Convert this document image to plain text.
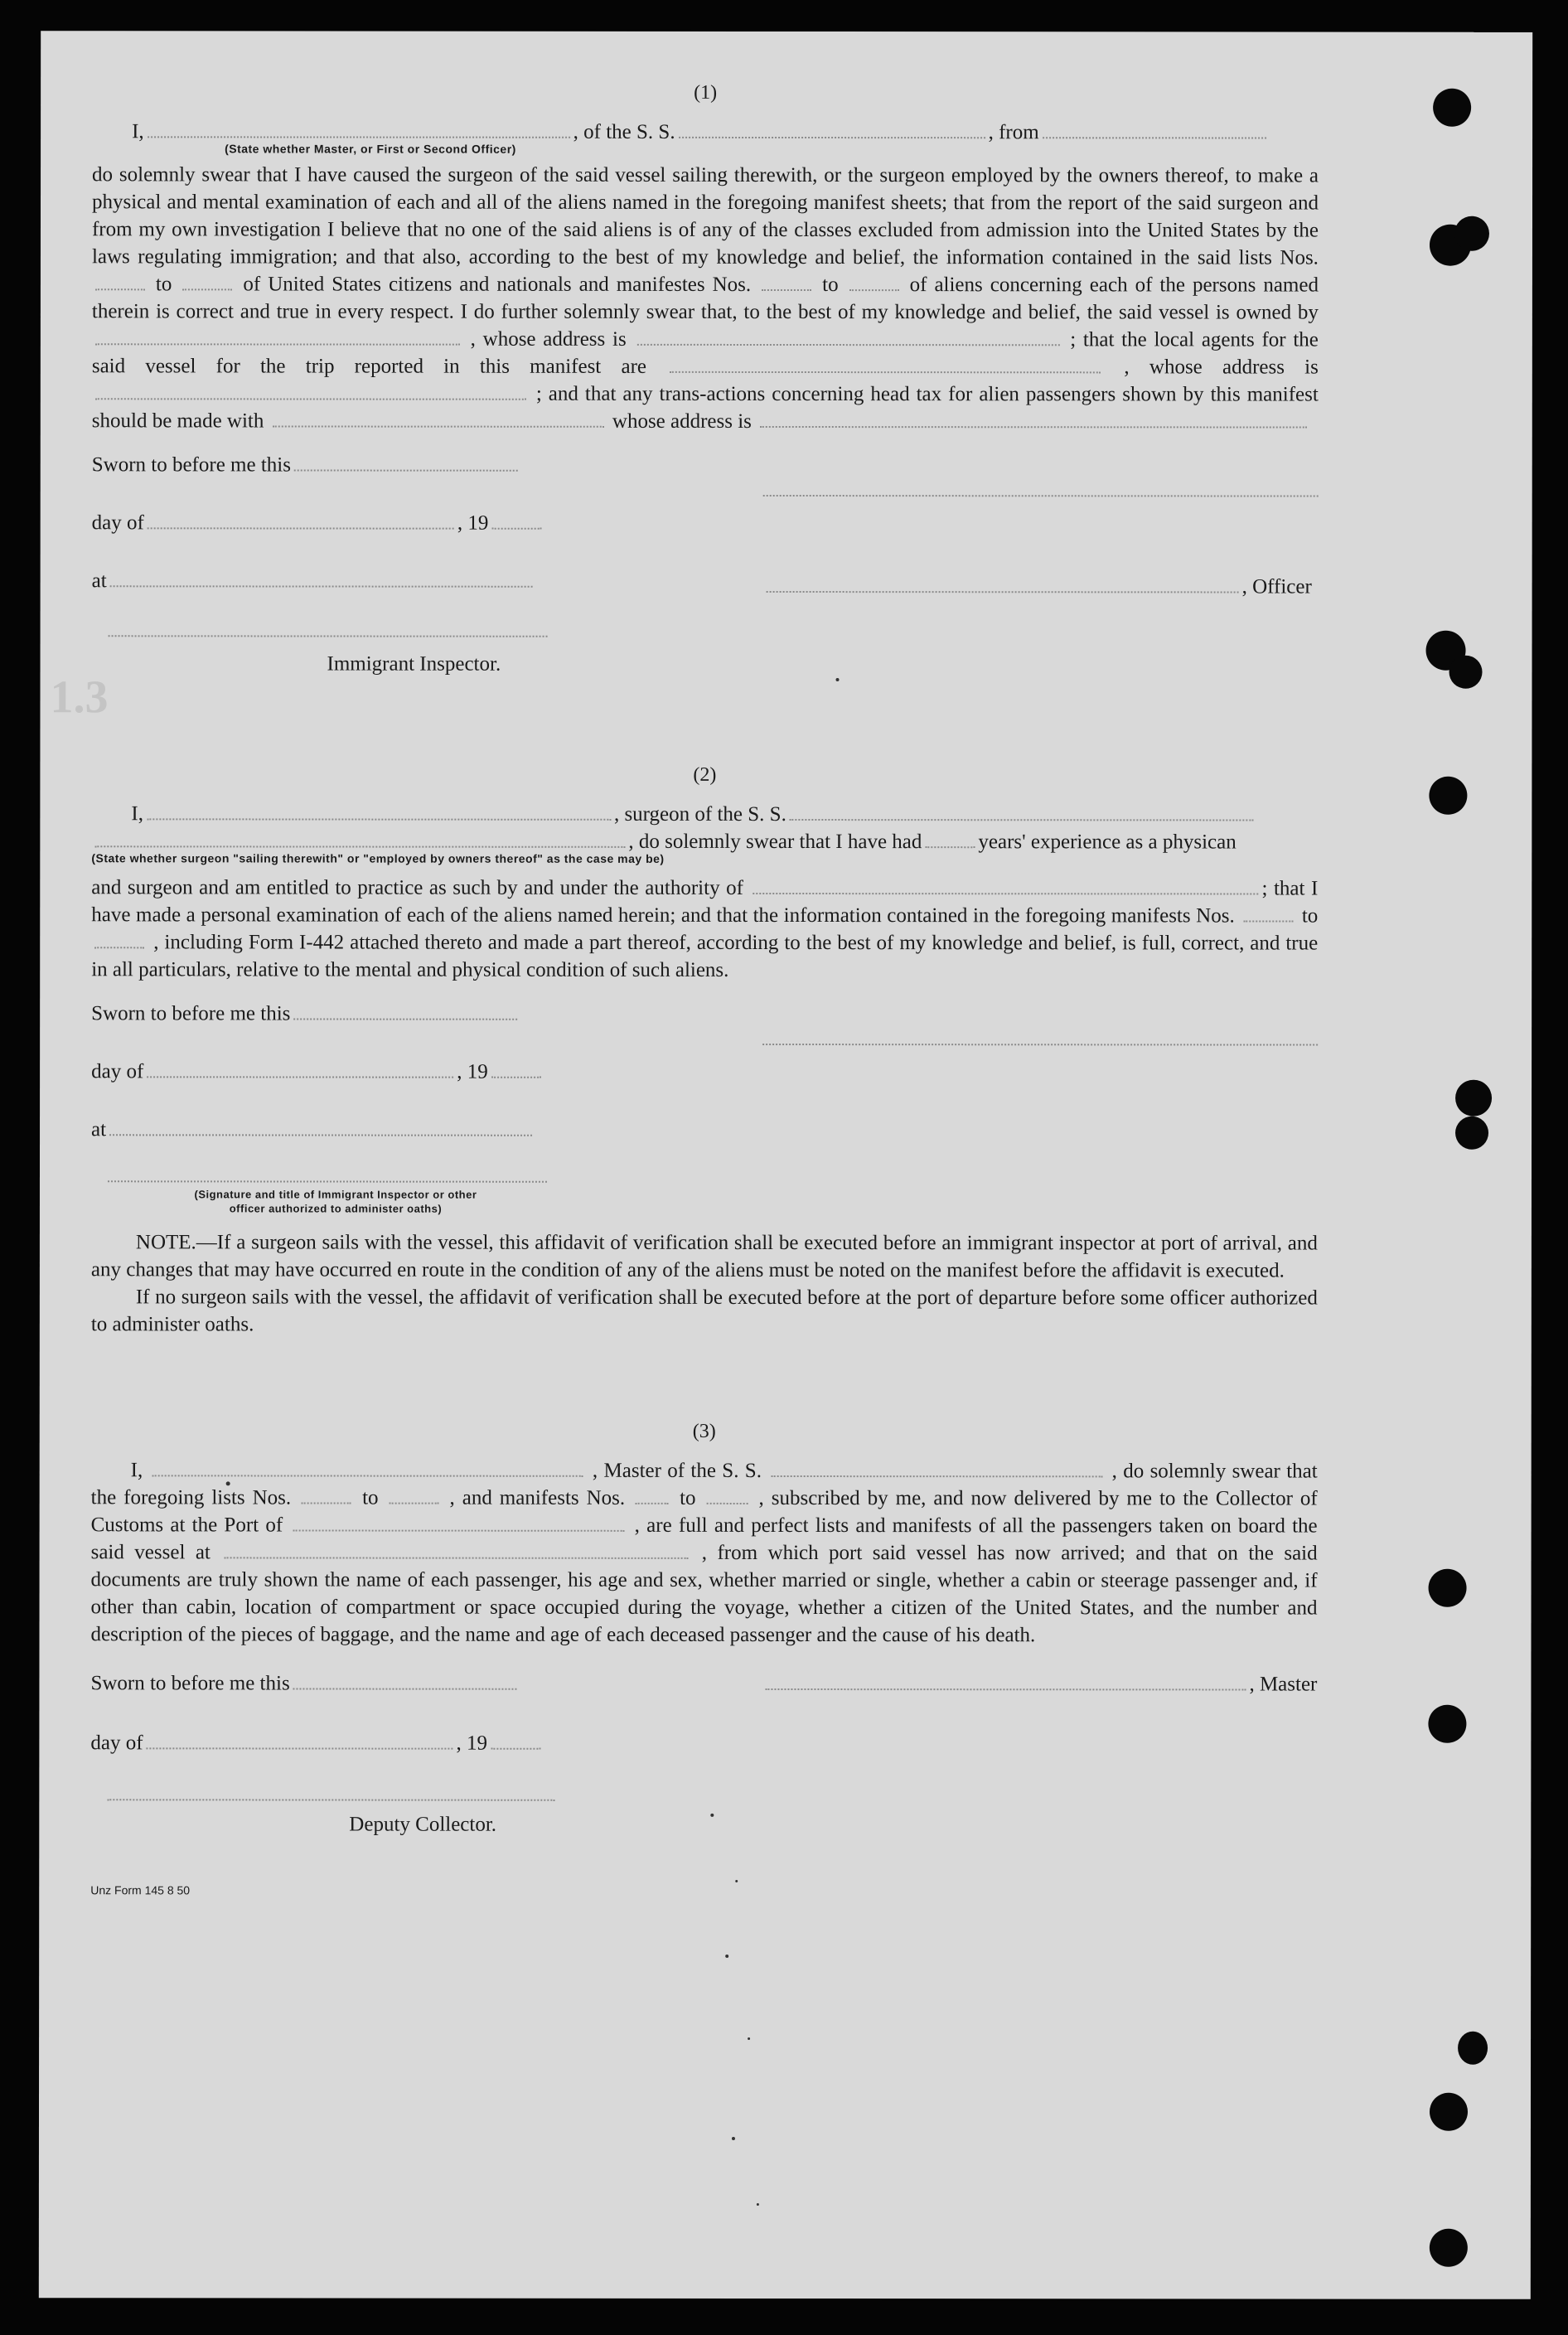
1.3
(1)
I,	, of the S. S.	, from
(State whether Master, or First or Second Officer)

do solemnly swear that I have caused the surgeon of the said vessel sailing therewith, or the surgeon employed by the owners thereof, to make a physical and mental examination of each and all of the aliens named in the foregoing manifest sheets; that from the report of the said surgeon and from my own investigation I believe that no one of the said aliens is of any of the classes excluded from admission into the United States by the laws regulating immigration; and that also, according to the best of my knowledge and belief, the information contained in the said lists Nos.  to	of United States citizens and nationals and manifestes Nos.	to	of aliens concerning each of the persons named therein is correct and true in every respect. I do further solemnly swear that, to the best of my knowledge and belief, the said vessel is owned by  , whose address is	; that the local agents for the said vessel for the trip reported in this manifest are	, whose address is  ; and that any trans-actions concerning head tax for alien passengers shown by this manifest should be made with	whose address is

Sworn to before me this
day of	, 19
at	, Officer
Immigrant Inspector.
(2)
I,	, surgeon of the S. S.
, do solemnly swear that I have had	years' experience as a physican
(State whether surgeon "sailing therewith" or "employed by owners thereof" as the case may be)

and surgeon and am entitled to practice as such by and under the authority of	; that I have made a personal examination of each of the aliens named herein; and that the information contained in the foregoing manifests Nos.	to  , including Form I-442 attached thereto and made a part thereof, according to the best of my knowledge and belief, is full, correct, and true in all particulars, relative to the mental and physical condition of such aliens.

Sworn to before me this
day of	, 19
at
(Signature and title of Immigrant Inspector or other
officer authorized to administer oaths)

NOTE.—If a surgeon sails with the vessel, this affidavit of verification shall be executed before an immigrant inspector at port of arrival, and any changes that may have occurred en route in the condition of any of the aliens must be noted on the manifest before the affidavit is executed.

If no surgeon sails with the vessel, the affidavit of verification shall be executed before at the port of departure before some officer authorized to administer oaths.

(3)

I,	, Master of the S. S.	, do solemnly swear that the foregoing lists Nos.	to	, and manifests Nos.	to	, subscribed by me, and now delivered by me to the Collector of Customs at the Port of	, are full and perfect lists and manifests of all the passengers taken on board the said vessel at	, from which port said vessel has now arrived; and that on the said documents are truly shown the name of each passenger, his age and sex, whether married or single, whether a cabin or steerage passenger and, if other than cabin, location of compartment or space occupied during the voyage, whether a citizen of the United States, and the number and description of the pieces of baggage, and the name and age of each deceased passenger and the cause of his death.

Sworn to before me this	, Master
day of	, 19
Deputy Collector.
Unz Form 145 8 50
